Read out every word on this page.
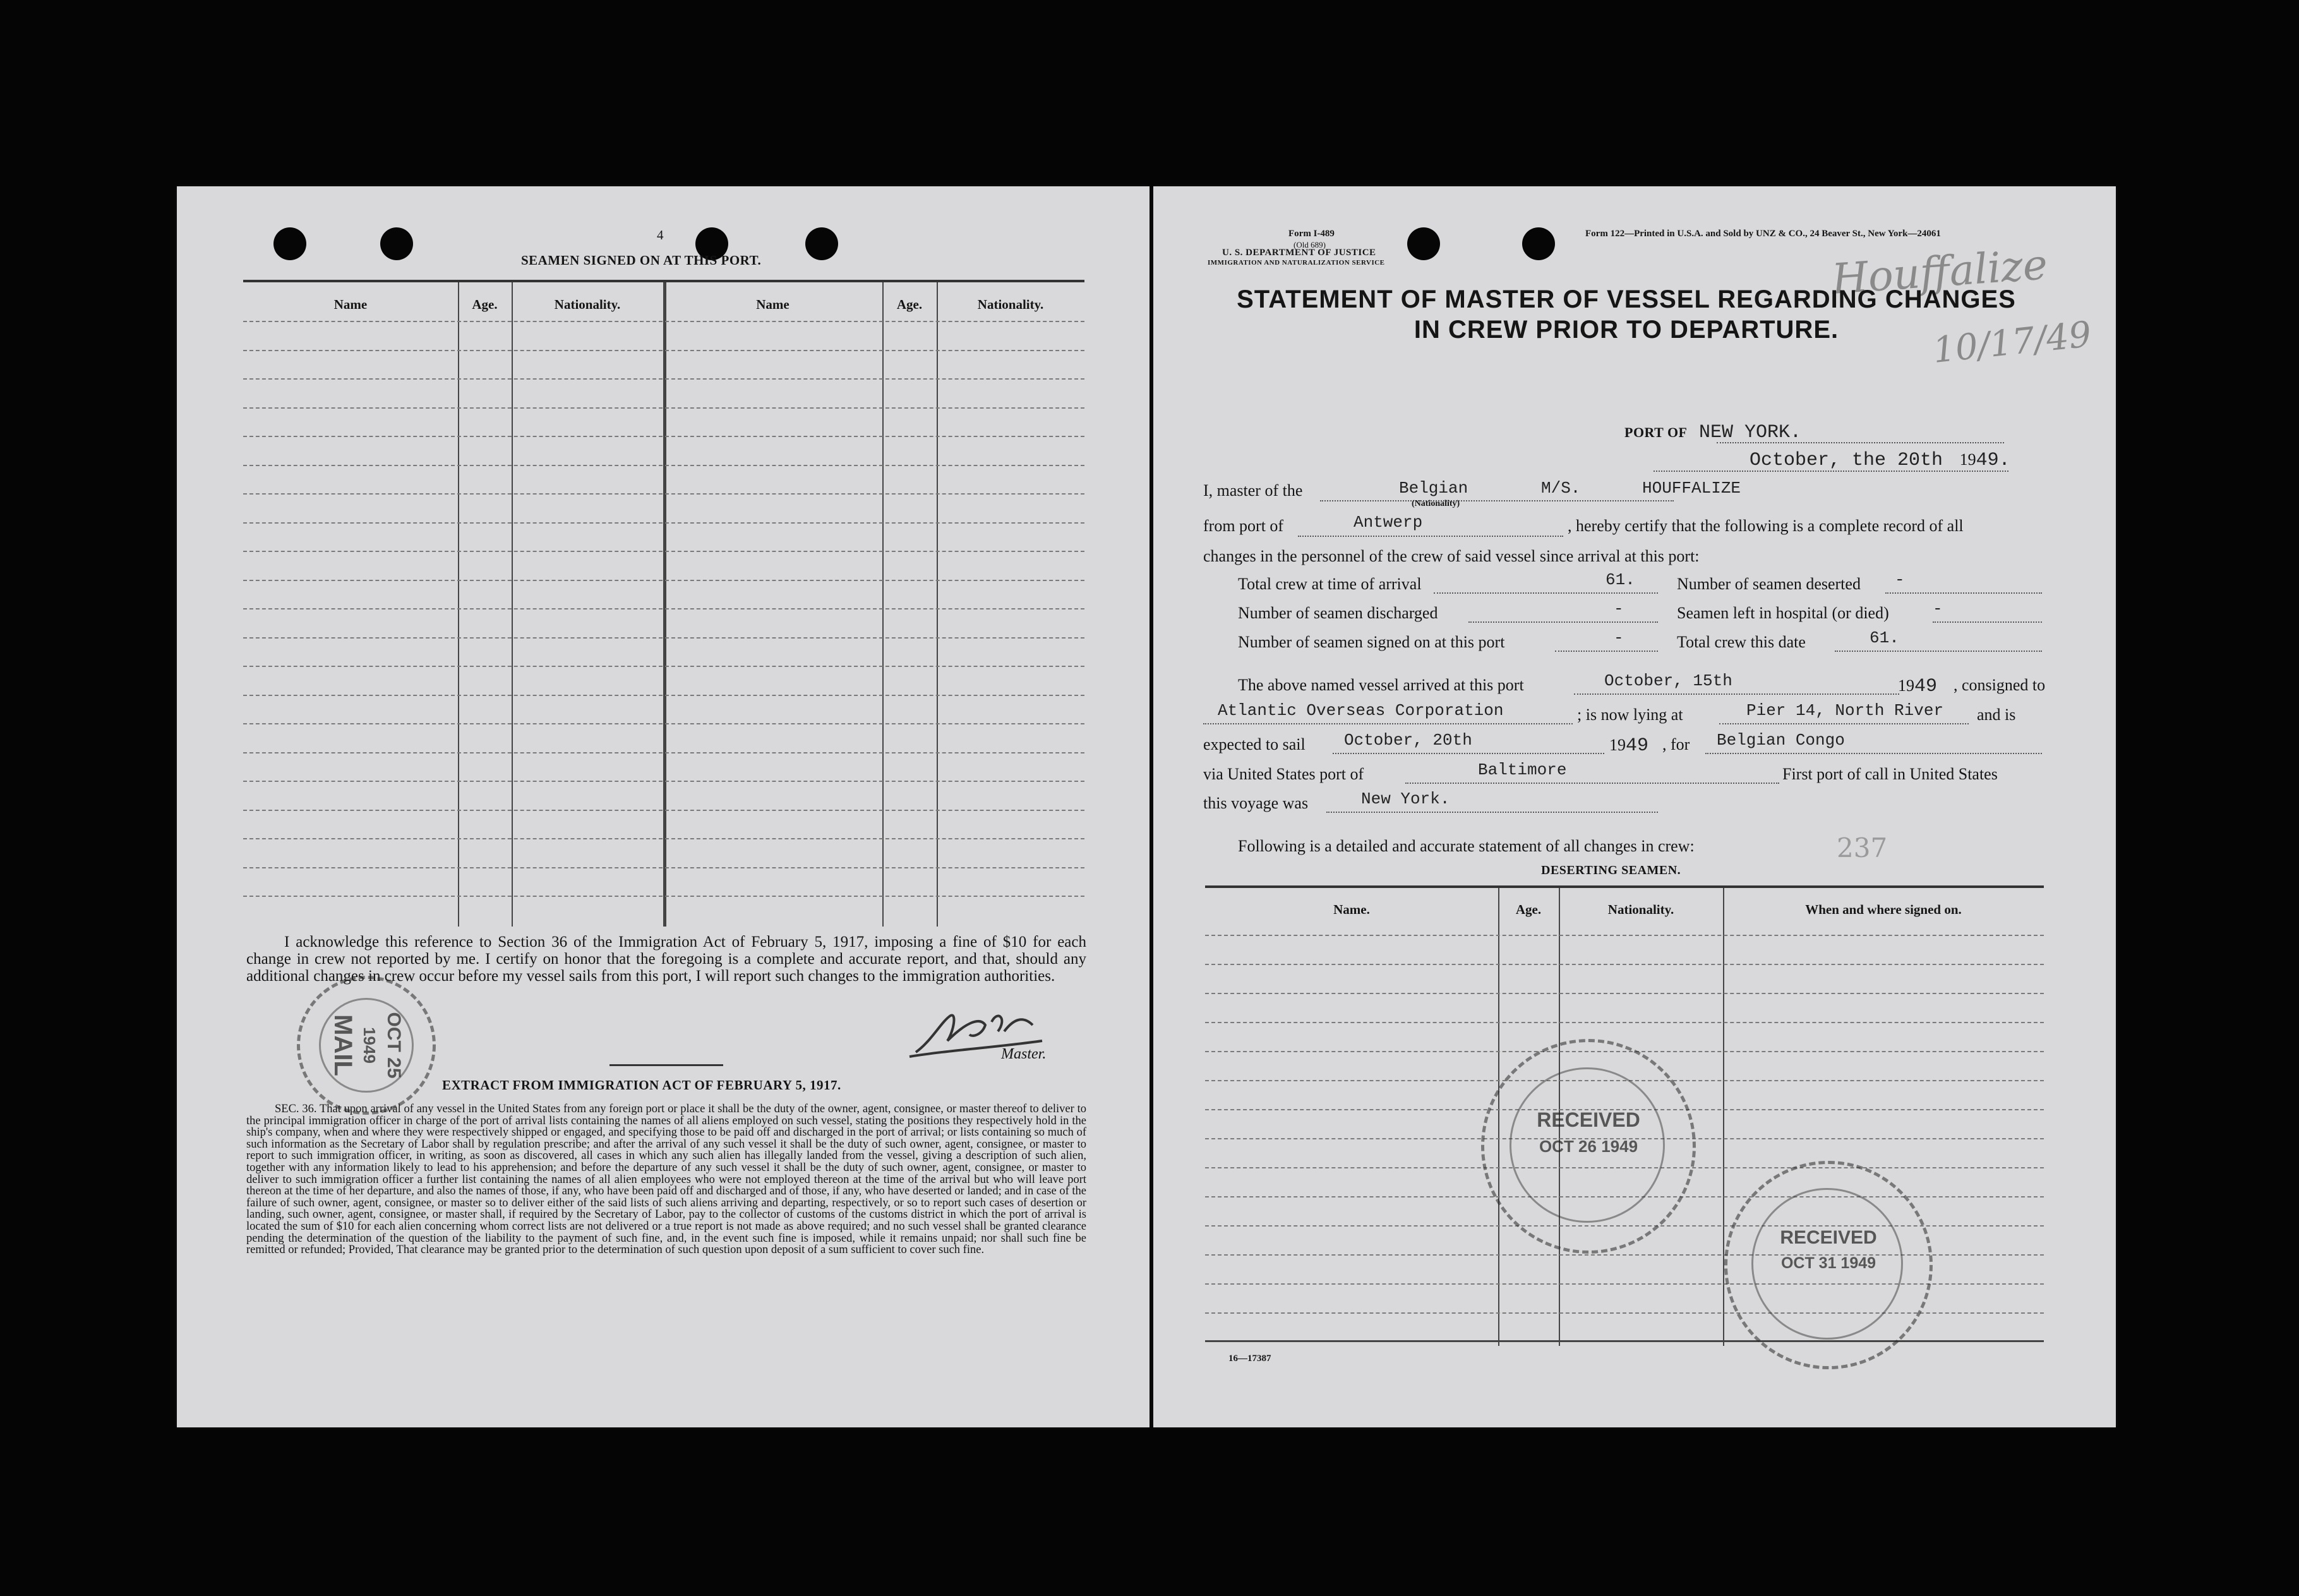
4
SEAMEN SIGNED ON AT THIS PORT.
Name	Age.	Nationality.	Name	Age.	Nationality.
I acknowledge this reference to Section 36 of the Immigration Act of February 5, 1917, imposing a fine of $10 for each change in crew not reported by me. I certify on honor that the foregoing is a complete and accurate report, and that, should any additional changes in crew occur before my vessel sails from this port, I will report such changes to the immigration authorities.
Master.
EXTRACT FROM IMMIGRATION ACT OF FEBRUARY 5, 1917.
SEC. 36. That upon arrival of any vessel in the United States from any foreign port or place it shall be the duty of the owner, agent, consignee, or master thereof to deliver to the principal immigration officer in charge of the port of arrival lists containing the names of all aliens employed on such vessel, stating the positions they respectively hold in the ship's company, when and where they were respectively shipped or engaged, and specifying those to be paid off and discharged in the port of arrival; or lists containing so much of such information as the Secretary of Labor shall by regulation prescribe; and after the arrival of any such vessel it shall be the duty of such owner, agent, consignee, or master to report to such immigration officer, in writing, as soon as discovered, all cases in which any such alien has illegally landed from the vessel, giving a description of such alien, together with any information likely to lead to his apprehension; and before the departure of any such vessel it shall be the duty of such owner, agent, consignee, or master to deliver to such immigration officer a further list containing the names of all alien employees who were not employed thereon at the time of the arrival but who will leave port thereon at the time of her departure, and also the names of those, if any, who have been paid off and discharged and of those, if any, who have deserted or landed; and in case of the failure of such owner, agent, consignee, or master so to deliver either of the said lists of such aliens arriving and departing, respectively, or so to report such cases of desertion or landing, such owner, agent, consignee, or master shall, if required by the Secretary of Labor, pay to the collector of customs of the customs district in which the port of arrival is located the sum of $10 for each alien concerning whom correct lists are not delivered or a true report is not made as above required; and no such vessel shall be granted clearance pending the determination of the question of the liability to the payment of such fine, and, in the event such fine is imposed, while it remains unpaid; nor shall such fine be remitted or refunded; Provided, That clearance may be granted prior to the determination of such question upon deposit of a sum sufficient to cover such fine.
OCT 25
1949
MAIL
Form I-489
(Old 689)
U. S. DEPARTMENT OF JUSTICE
IMMIGRATION AND NATURALIZATION SERVICE
Form 122—Printed in U.S.A. and Sold by UNZ & CO., 24 Beaver St., New York—24061
Houffalize
10/17/49
STATEMENT OF MASTER OF VESSEL REGARDING CHANGES
IN CREW PRIOR TO DEPARTURE.
PORT OF NEW YORK.
October, the 20th 1949.
I, master of the	Belgian
(Nationality)
M/S.	HOUFFALIZE
from port of	Antwerp	, hereby certify that the following is a complete record of all
changes in the personnel of the crew of said vessel since arrival at this port:
Total crew at time of arrival	61.	Number of seamen deserted -
Number of seamen discharged	-	Seamen left in hospital (or died)	-
Number of seamen signed on at this port	-	Total crew this date	61.
The above named vessel arrived at this port	October, 15th	1949 , consigned to
Atlantic Overseas Corporation	; is now lying at	Pier 14, North River and is
expected to sail October, 20th	1949 , for Belgian Congo
via United States port of	Baltimore	First port of call in United States
this voyage was	New York.
Following is a detailed and accurate statement of all changes in crew:	237
DESERTING SEAMEN.
Name.	Age.	Nationality.	When and where signed on.
16—17387
RECEIVED
OCT 26 1949
RECEIVED
OCT 31 1949
